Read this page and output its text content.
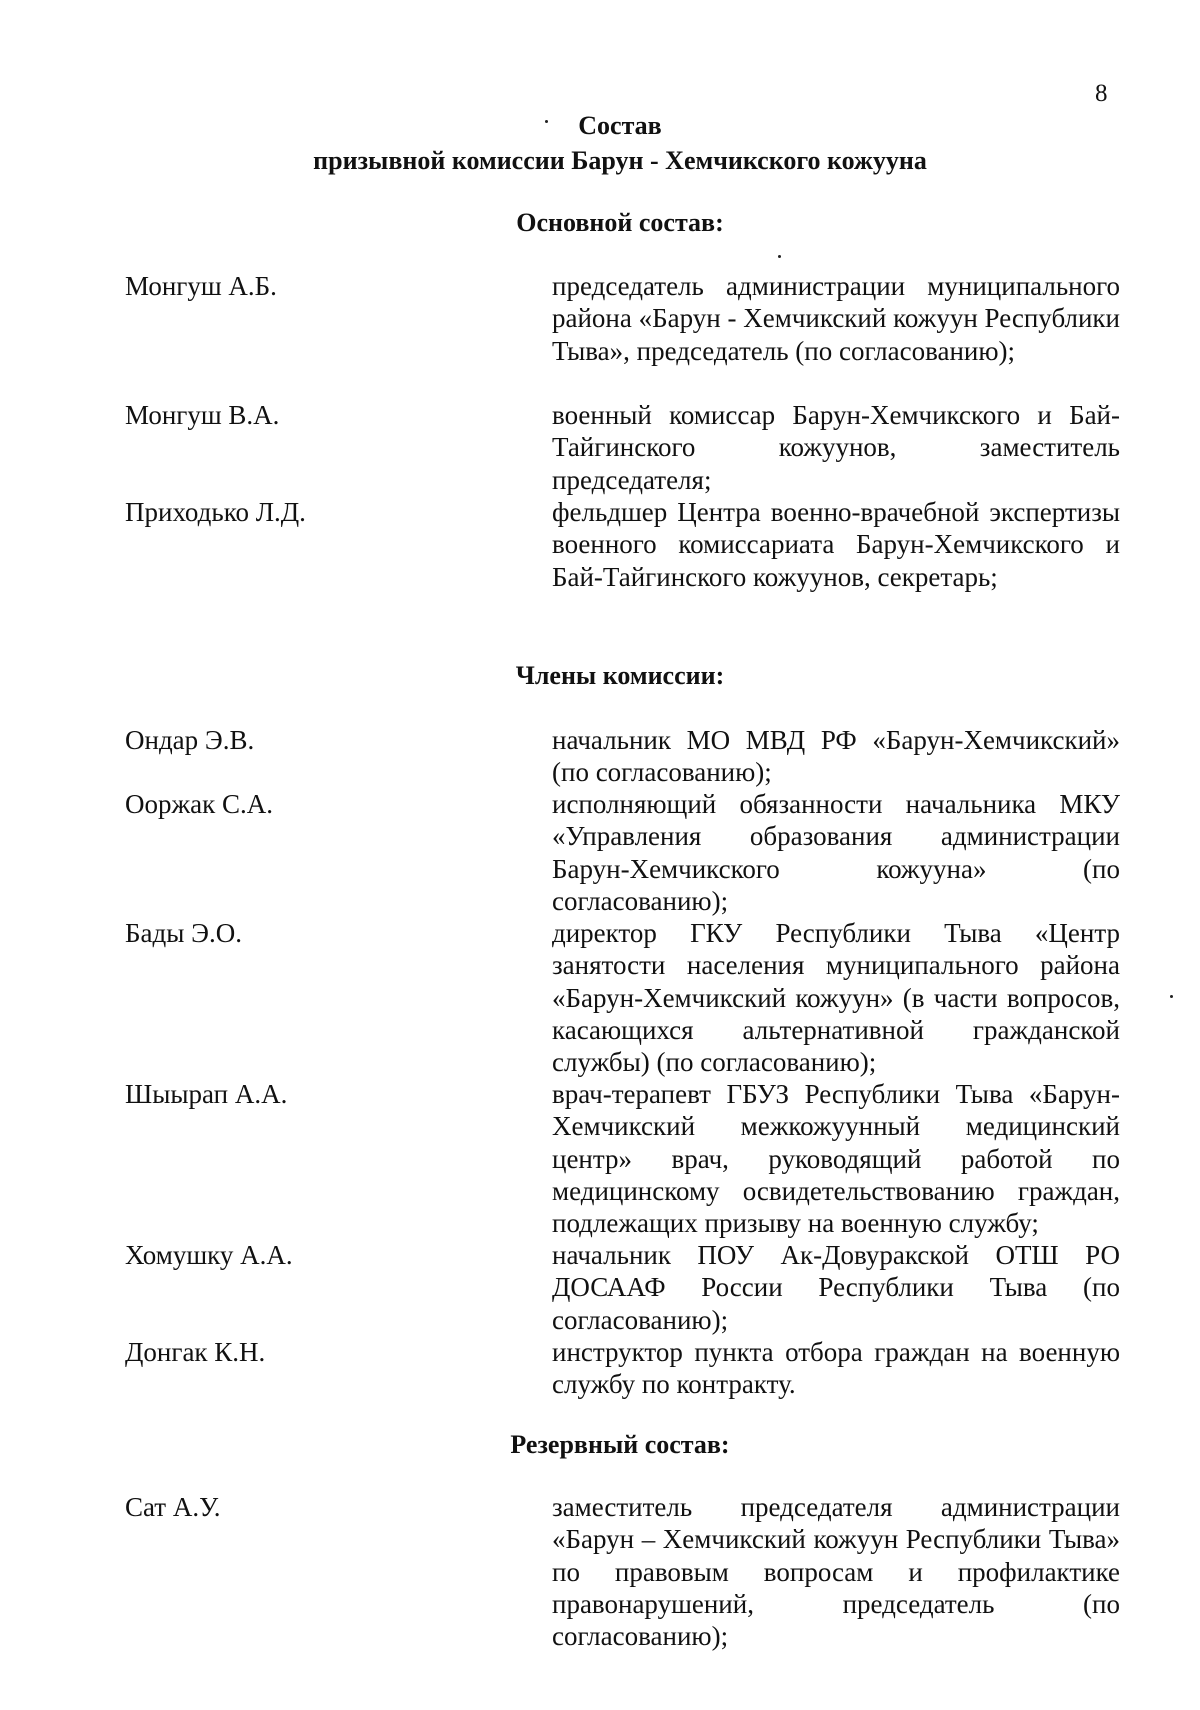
8
Состав
призывной комиссии Барун - Хемчикского кожууна
Основной состав:
Монгуш А.Б.	председатель администрации муниципального района «Барун - Хемчикский кожуун Республики Тыва», председатель (по согласованию);
Монгуш В.А.	военный комиссар Барун-Хемчикского и Бай-Тайгинского кожуунов, заместитель председателя;
Приходько Л.Д.	фельдшер Центра военно-врачебной экспертизы военного комиссариата Барун-Хемчикского и Бай-Тайгинского кожуунов, секретарь;
Члены комиссии:
Ондар Э.В.	начальник МО МВД РФ «Барун-Хемчикский» (по согласованию);
Ооржак С.А.	исполняющий обязанности начальника МКУ «Управления образования администрации Барун-Хемчикского кожууна» (по согласованию);
Бады Э.О.	директор ГКУ Республики Тыва «Центр занятости населения муниципального района «Барун-Хемчикский кожуун» (в части вопросов, касающихся альтернативной гражданской службы) (по согласованию);
Шыырап А.А.	врач-терапевт ГБУЗ Республики Тыва «Барун-Хемчикский межкожуунный медицинский центр» врач, руководящий работой по медицинскому освидетельствованию граждан, подлежащих призыву на военную службу;
Хомушку А.А.	начальник ПОУ Ак-Довуракской ОТШ РО ДОСААФ России Республики Тыва (по согласованию);
Донгак К.Н.	инструктор пункта отбора граждан на военную службу по контракту.
Резервный состав:
Сат А.У.	заместитель председателя администрации «Барун – Хемчикский кожуун Республики Тыва» по правовым вопросам и профилактике правонарушений, председатель (по согласованию);
